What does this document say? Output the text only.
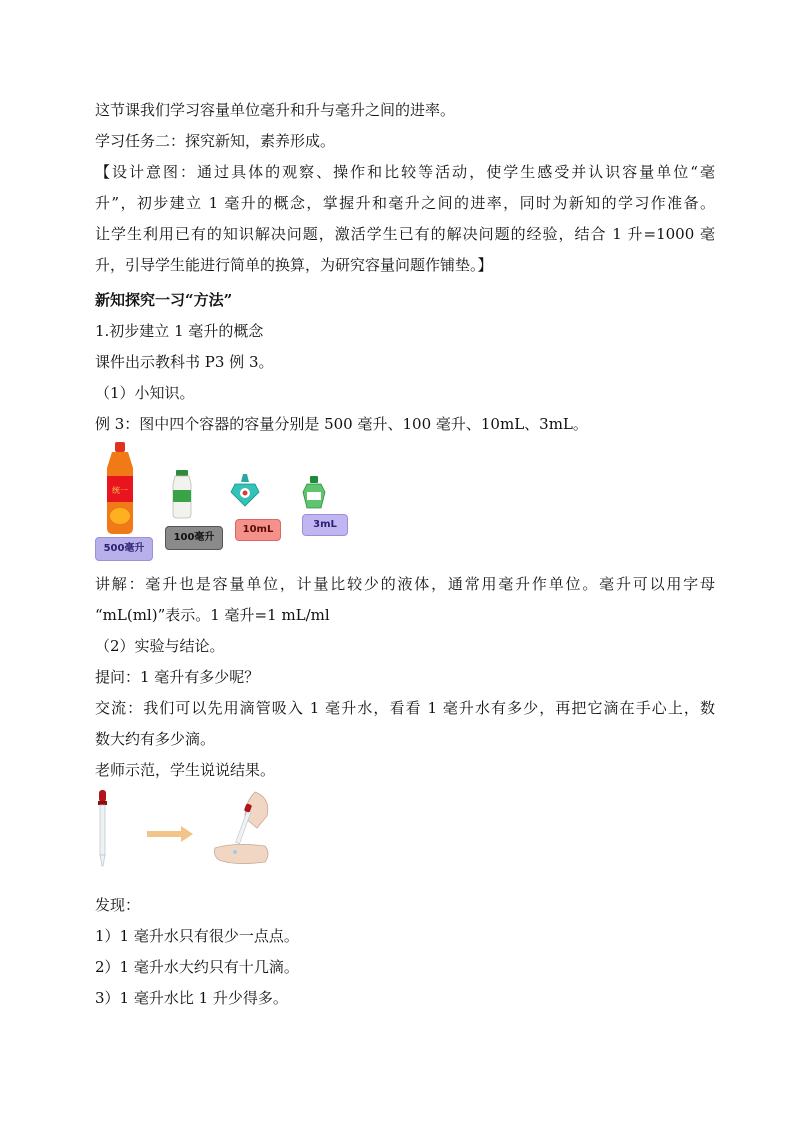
这节课我们学习容量单位毫升和升与毫升之间的进率。
学习任务二：探究新知，素养形成。
【设计意图：通过具体的观察、操作和比较等活动，使学生感受并认识容量单位“毫
升”，初步建立 1 毫升的概念，掌握升和毫升之间的进率，同时为新知的学习作准备。
让学生利用已有的知识解决问题，激活学生已有的解决问题的经验，结合 1 升=1000 毫
升，引导学生能进行简单的换算，为研究容量问题作铺垫。】
新知探究一习“方法”
1.初步建立 1 毫升的概念
课件出示教科书 P3 例 3。
（1）小知识。
例 3：图中四个容器的容量分别是 500 毫升、100 毫升、10mL、3mL。
统一
500毫升
100毫升
10mL	3mL
讲解：毫升也是容量单位，计量比较少的液体，通常用毫升作单位。毫升可以用字母
“mL(ml)”表示。1 毫升=1 mL/ml
（2）实验与结论。
提问：1 毫升有多少呢？
交流：我们可以先用滴管吸入 1 毫升水，看看 1 毫升水有多少，再把它滴在手心上，数
数大约有多少滴。
老师示范，学生说说结果。
发现：
1）1 毫升水只有很少一点点。
2）1 毫升水大约只有十几滴。
3）1 毫升水比 1 升少得多。
